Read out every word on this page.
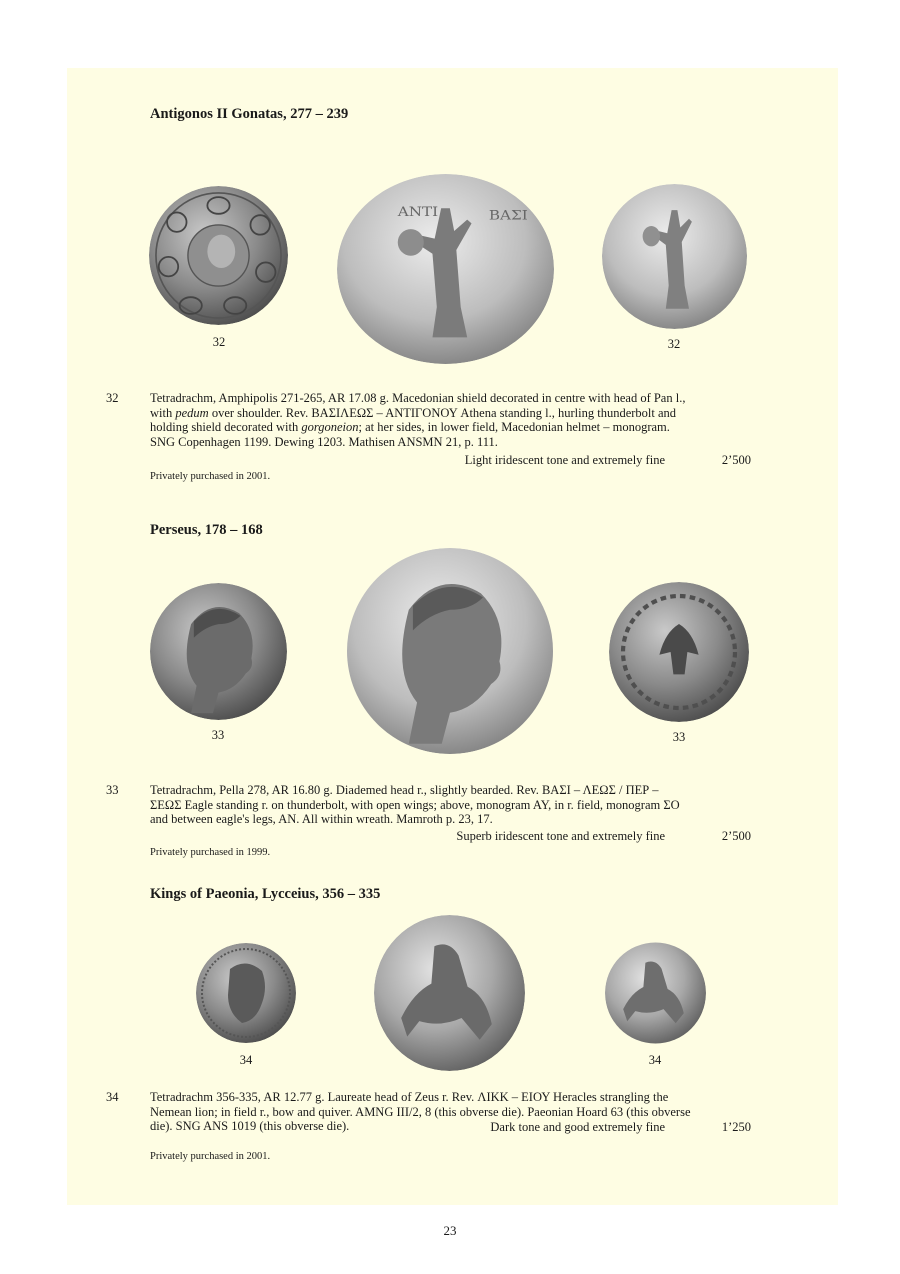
Antigonos II Gonatas, 277 – 239
ΑΝΤΙ	ΒΑΣΙ
32	32
32	Tetradrachm, Amphipolis 271-265, AR 17.08 g. Macedonian shield decorated in centre with head of Pan l.,
with pedum over shoulder. Rev. ΒΑΣΙΛΕΩΣ – ΑΝΤΙΓΟΝΟΥ Athena standing l., hurling thunderbolt and
holding shield decorated with gorgoneion; at her sides, in lower field, Macedonian helmet – monogram.
SNG Copenhagen 1199. Dewing 1203. Mathisen ANSMN 21, p. 111.
Light iridescent tone and extremely fine	2’500
Privately purchased in 2001.
Perseus, 178 – 168
33	33
33	Tetradrachm, Pella 278, AR 16.80 g. Diademed head r., slightly bearded. Rev. ΒΑΣΙ – ΛΕΩΣ / ΠΕΡ –
ΣΕΩΣ Eagle standing r. on thunderbolt, with open wings; above, monogram AY, in r. field, monogram ΣΟ
and between eagle's legs, AN. All within wreath. Mamroth p. 23, 17.
Superb iridescent tone and extremely fine	2’500
Privately purchased in 1999.
Kings of Paeonia, Lycceius, 356 – 335
34	34
34	Tetradrachm 356-335, AR 12.77 g. Laureate head of Zeus r. Rev. ΛΙΚΚ – ΕΙΟΥ Heracles strangling the
Nemean lion; in field r., bow and quiver. AMNG III/2, 8 (this obverse die). Paeonian Hoard 63 (this obverse
die). SNG ANS 1019 (this obverse die).	Dark tone and good extremely fine	1’250
Privately purchased in 2001.
23
